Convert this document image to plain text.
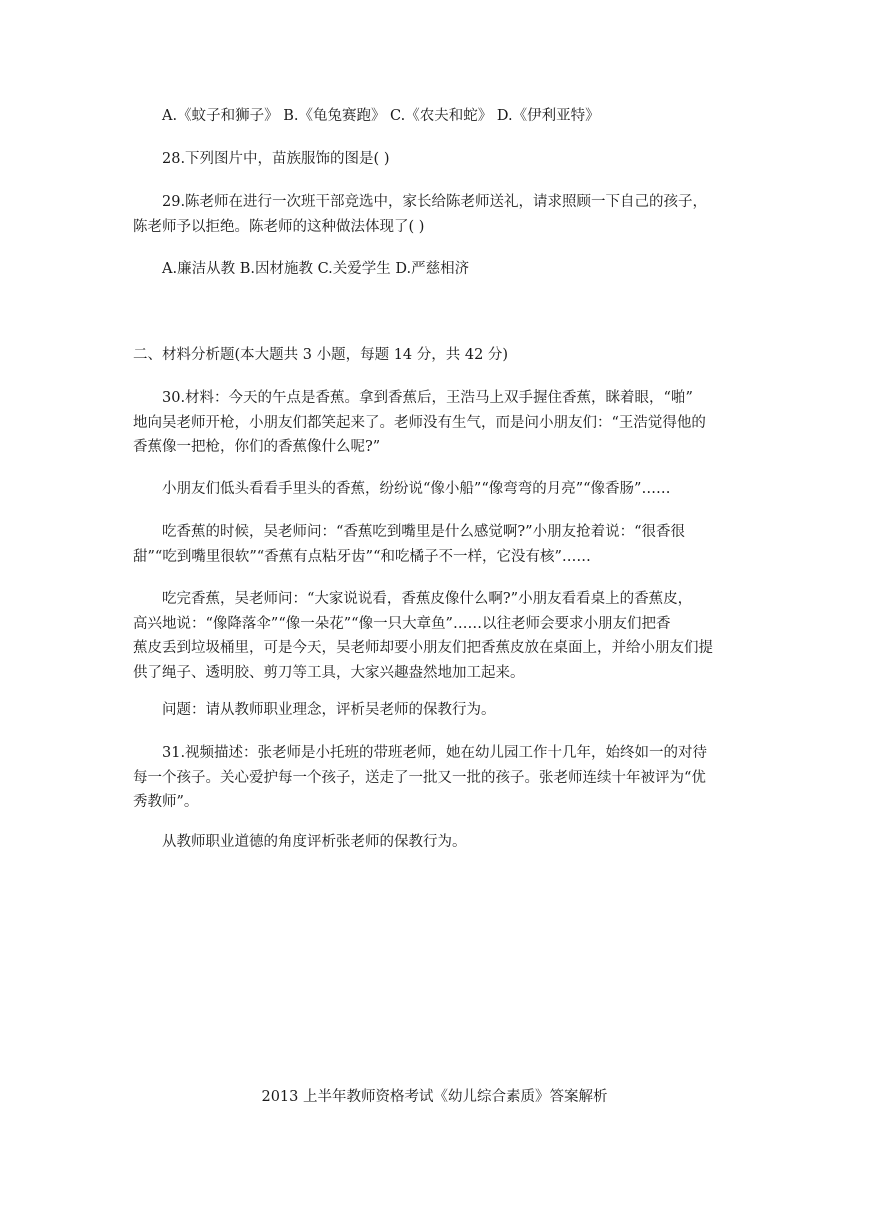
A.《蚊子和狮子》 B.《龟兔赛跑》 C.《农夫和蛇》 D.《伊利亚特》

28.下列图片中，苗族服饰的图是( )

29.陈老师在进行一次班干部竞选中，家长给陈老师送礼，请求照顾一下自己的孩子，
陈老师予以拒绝。陈老师的这种做法体现了( )

A.廉洁从教 B.因材施教 C.关爱学生 D.严慈相济

二、材料分析题(本大题共 3 小题，每题 14 分，共 42 分)

30.材料：今天的午点是香蕉。拿到香蕉后，王浩马上双手握住香蕉，眯着眼，“啪”
地向吴老师开枪，小朋友们都笑起来了。老师没有生气，而是问小朋友们：“王浩觉得他的
香蕉像一把枪，你们的香蕉像什么呢?”

小朋友们低头看看手里头的香蕉，纷纷说“像小船”“像弯弯的月亮”“像香肠”……

吃香蕉的时候，吴老师问：“香蕉吃到嘴里是什么感觉啊?”小朋友抢着说：“很香很
甜”“吃到嘴里很软”“香蕉有点粘牙齿”“和吃橘子不一样，它没有核”……

吃完香蕉，吴老师问：“大家说说看，香蕉皮像什么啊?”小朋友看看桌上的香蕉皮，
高兴地说：“像降落伞”“像一朵花”“像一只大章鱼”……以往老师会要求小朋友们把香
蕉皮丢到垃圾桶里，可是今天，吴老师却要小朋友们把香蕉皮放在桌面上，并给小朋友们提
供了绳子、透明胶、剪刀等工具，大家兴趣盎然地加工起来。

问题：请从教师职业理念，评析吴老师的保教行为。

31.视频描述：张老师是小托班的带班老师，她在幼儿园工作十几年，始终如一的对待
每一个孩子。关心爱护每一个孩子，送走了一批又一批的孩子。张老师连续十年被评为“优
秀教师”。

从教师职业道德的角度评析张老师的保教行为。

2013 上半年教师资格考试《幼儿综合素质》答案解析
